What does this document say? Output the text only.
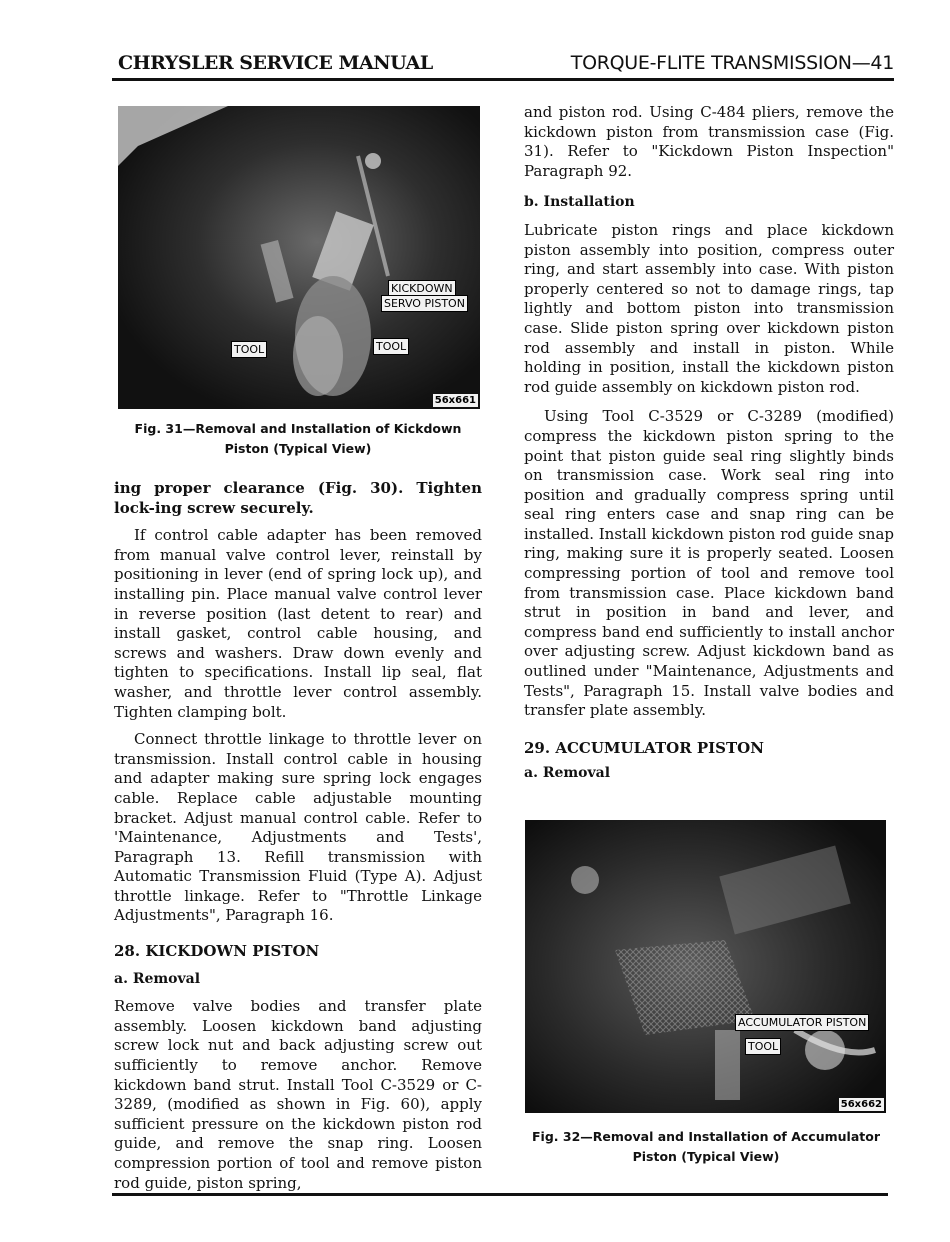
CHRYSLER SERVICE MANUAL	TORQUE-FLITE TRANSMISSION—41
KICKDOWN
SERVO PISTON
TOOL	TOOL
56x661
Fig. 31—Removal and Installation of Kickdown
Piston (Typical View)

ing proper clearance (Fig. 30). Tighten lock-ing screw securely.

If control cable adapter has been removed from manual valve control lever, reinstall by positioning in lever (end of spring lock up), and installing pin. Place manual valve control lever in reverse position (last detent to rear) and install gasket, control cable housing, and screws and washers. Draw down evenly and tighten to specifications. Install lip seal, flat washer, and throttle lever control assembly. Tighten clamping bolt.

Connect throttle linkage to throttle lever on transmission. Install control cable in housing and adapter making sure spring lock engages cable. Replace cable adjustable mounting bracket. Adjust manual control cable. Refer to 'Maintenance, Adjustments and Tests', Paragraph 13. Refill transmission with Automatic Transmission Fluid (Type A). Adjust throttle linkage. Refer to "Throttle Linkage Adjustments", Paragraph 16.

28. KICKDOWN PISTON

a. Removal

Remove valve bodies and transfer plate assembly. Loosen kickdown band adjusting screw lock nut and back adjusting screw out sufficiently to remove anchor. Remove kickdown band strut. Install Tool C-3529 or C-3289, (modified as shown in Fig. 60), apply sufficient pressure on the kickdown piston rod guide, and remove the snap ring. Loosen compression portion of tool and remove piston rod guide, piston spring,

and piston rod. Using C-484 pliers, remove the kickdown piston from transmission case (Fig. 31). Refer to "Kickdown Piston Inspection" Paragraph 92.

b. Installation

Lubricate piston rings and place kickdown piston assembly into position, compress outer ring, and start assembly into case. With piston properly centered so not to damage rings, tap lightly and bottom piston into transmission case. Slide piston spring over kickdown piston rod assembly and install in piston. While holding in position, install the kickdown piston rod guide assembly on kickdown piston rod.

Using Tool C-3529 or C-3289 (modified) compress the kickdown piston spring to the point that piston guide seal ring slightly binds on transmission case. Work seal ring into position and gradually compress spring until seal ring enters case and snap ring can be installed. Install kickdown piston rod guide snap ring, making sure it is properly seated. Loosen compressing portion of tool and remove tool from transmission case. Place kickdown band strut in position in band and lever, and compress band end sufficiently to install anchor over adjusting screw. Adjust kickdown band as outlined under "Maintenance, Adjustments and Tests", Paragraph 15. Install valve bodies and transfer plate assembly.

29. ACCUMULATOR PISTON

a. Removal

ACCUMULATOR PISTON
TOOL
56x662
Fig. 32—Removal and Installation of Accumulator
Piston (Typical View)
